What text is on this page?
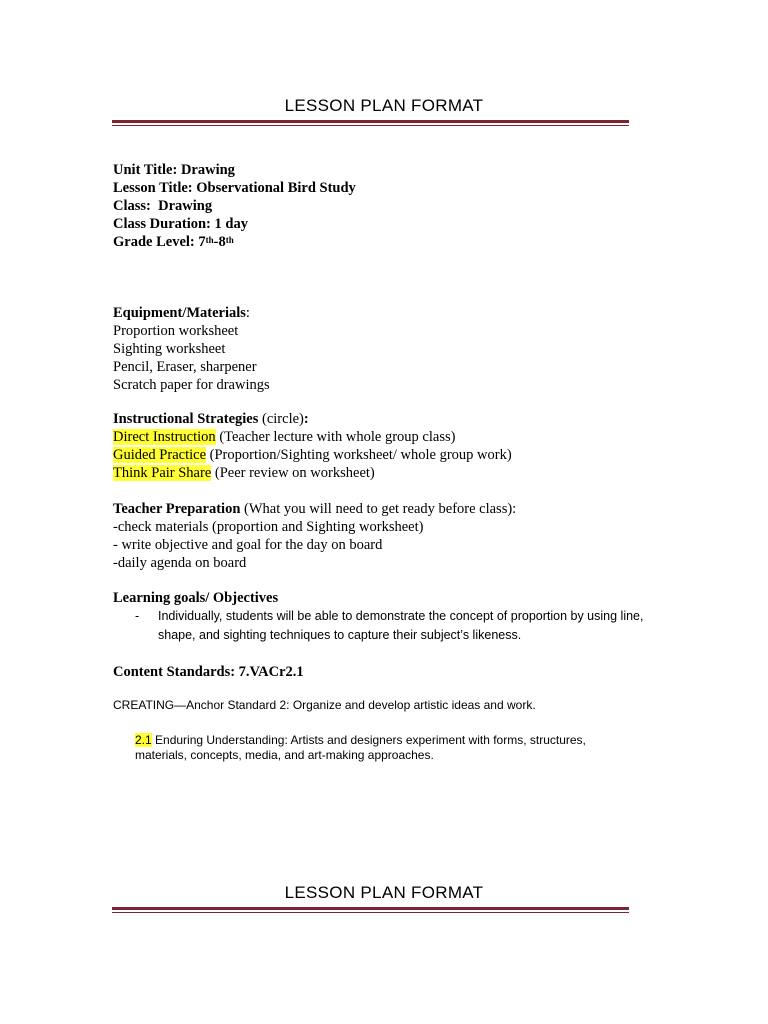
LESSON PLAN FORMAT
Unit Title: Drawing
Lesson Title: Observational Bird Study
Class: Drawing
Class Duration: 1 day
Grade Level: 7th-8th
Equipment/Materials:
Proportion worksheet
Sighting worksheet
Pencil, Eraser, sharpener
Scratch paper for drawings
Instructional Strategies (circle):
Direct Instruction (Teacher lecture with whole group class)
Guided Practice (Proportion/Sighting worksheet/ whole group work)
Think Pair Share (Peer review on worksheet)
Teacher Preparation (What you will need to get ready before class):
-check materials (proportion and Sighting worksheet)
- write objective and goal for the day on board
-daily agenda on board
Learning goals/ Objectives
- Individually, students will be able to demonstrate the concept of proportion by using line, shape, and sighting techniques to capture their subject’s likeness.
Content Standards: 7.VACr2.1
CREATING—Anchor Standard 2: Organize and develop artistic ideas and work.
2.1 Enduring Understanding: Artists and designers experiment with forms, structures, materials, concepts, media, and art-making approaches.
LESSON PLAN FORMAT
